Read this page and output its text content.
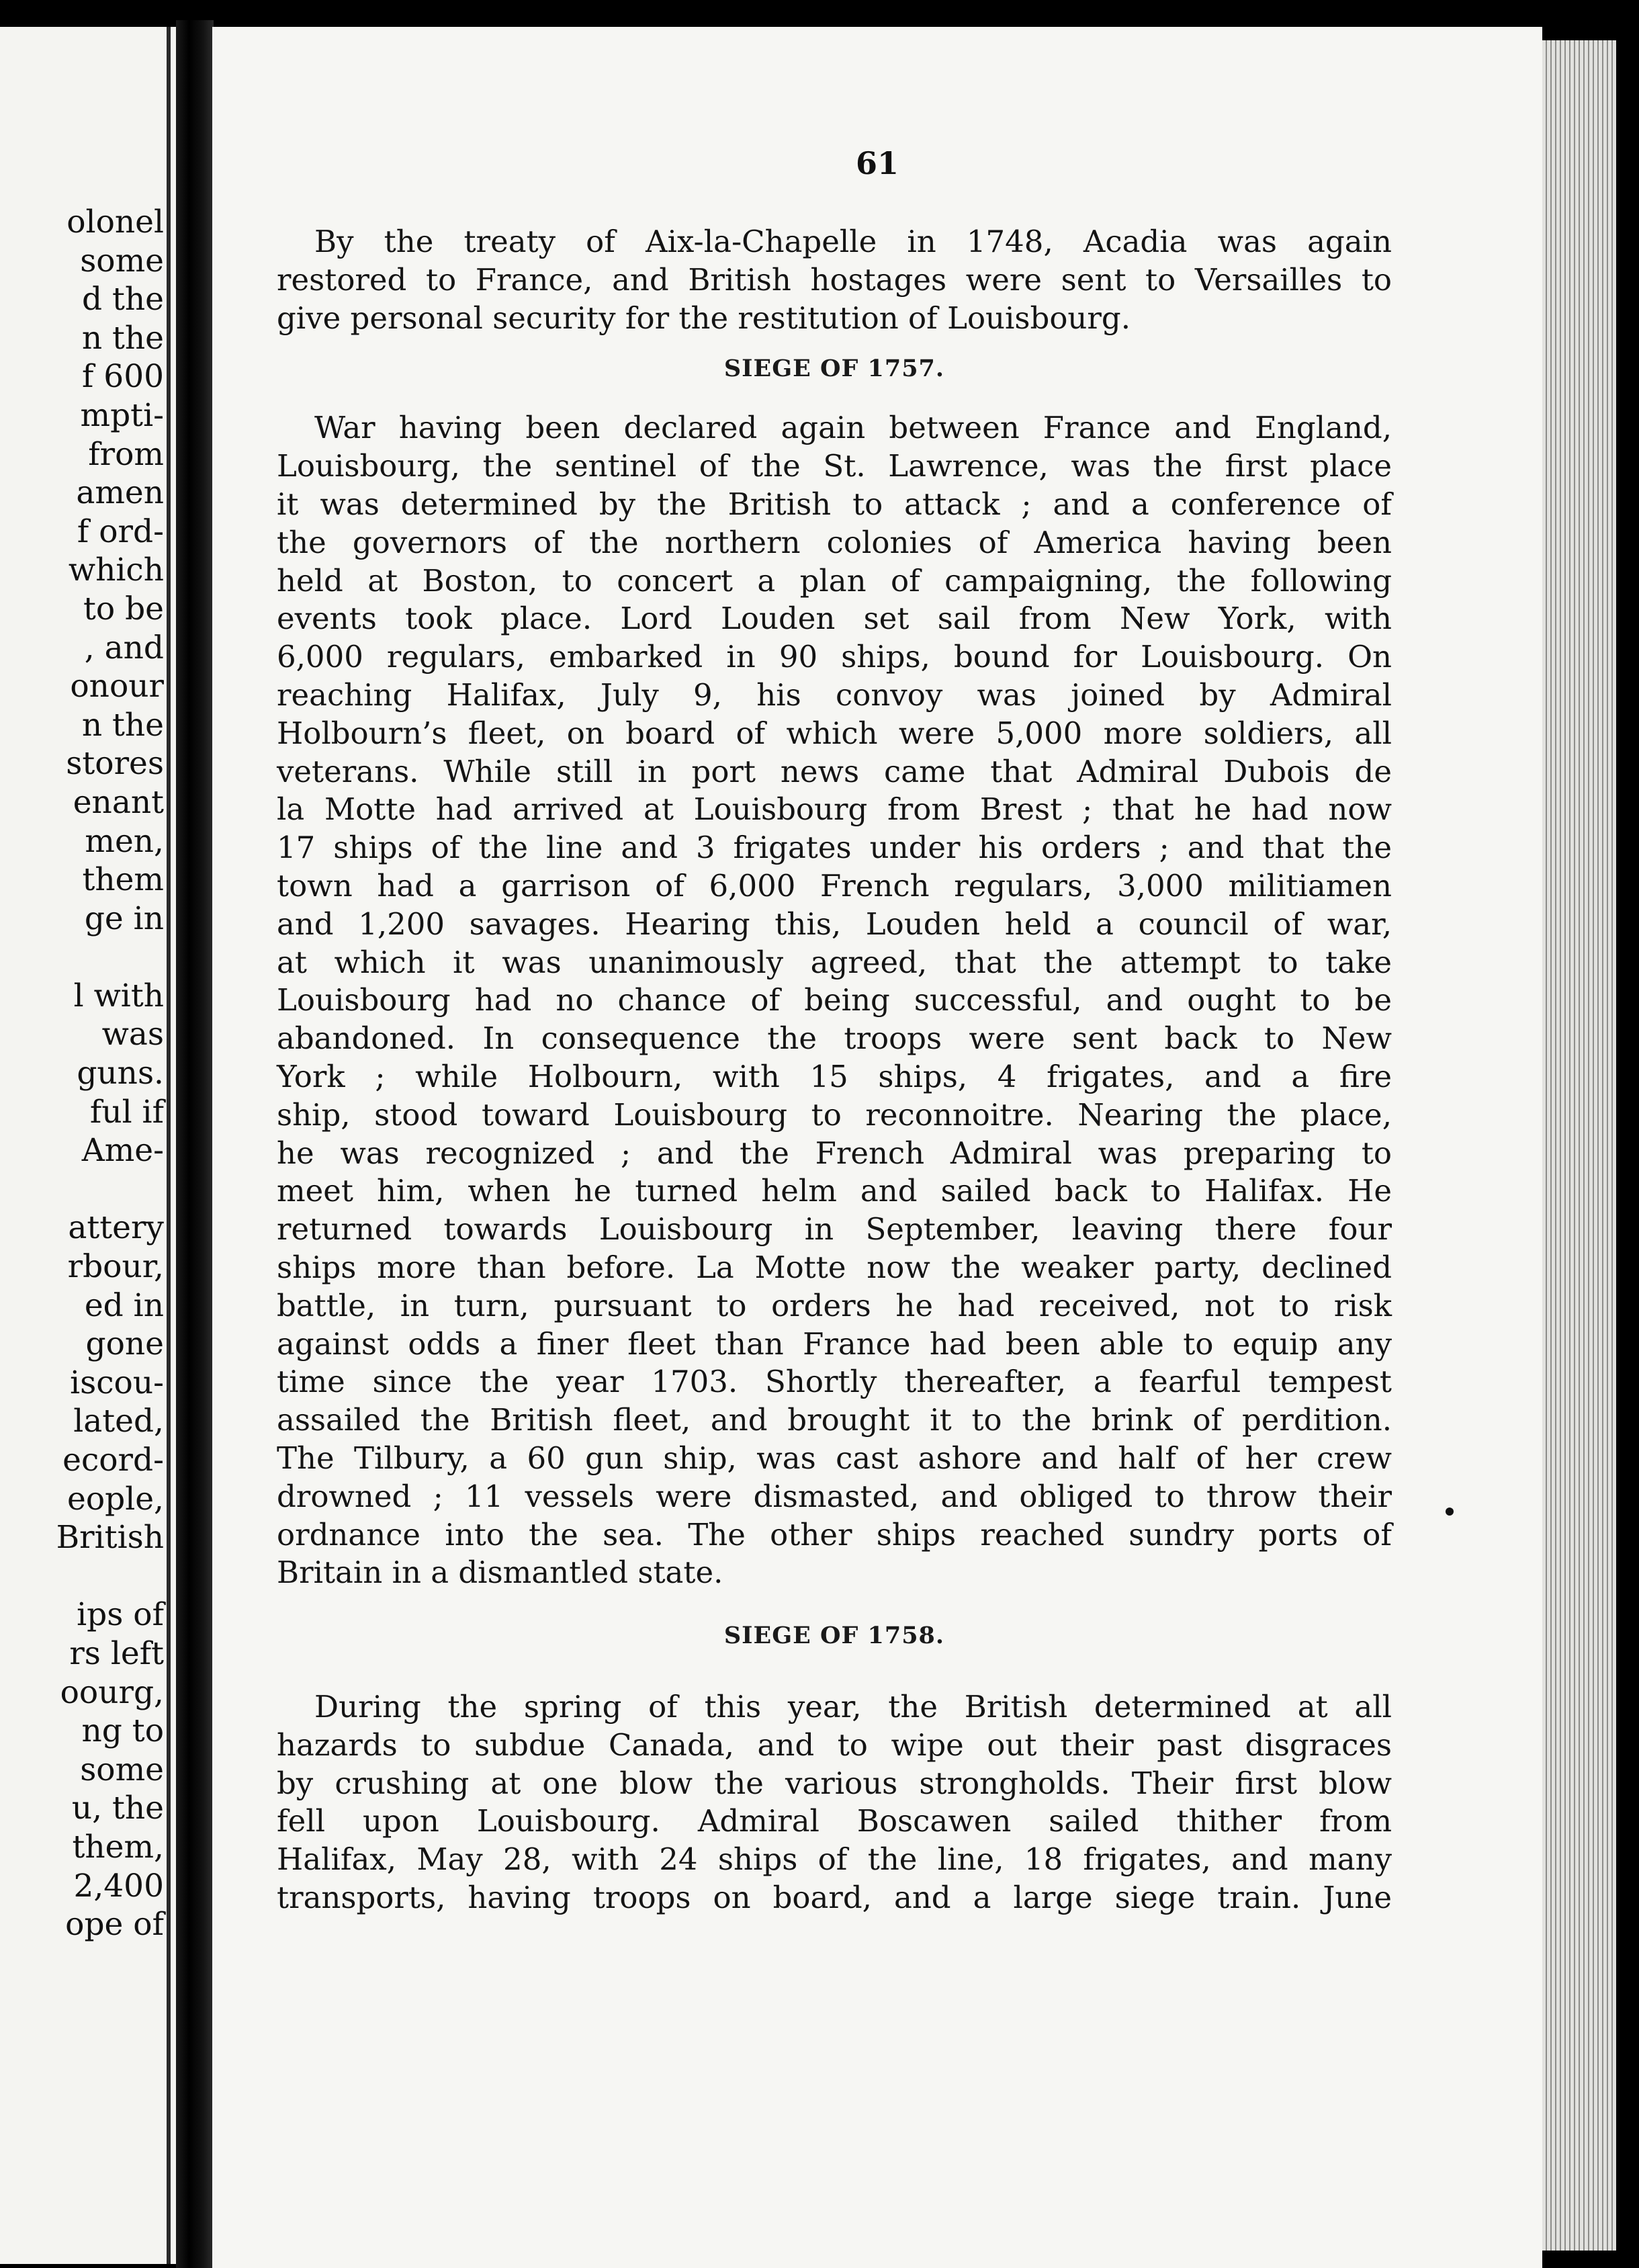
olonel
some
d the
n the
f 600
mpti-
from
amen
f ord-
which
to be
, and
onour
n the
stores
enant
men,
them
ge in

l with
was
guns.
ful if
Ame-

attery
rbour,
ed in
gone
iscou-
lated,
ecord-
eople,
British

ips of
rs left
oourg,
ng to
some
u, the
them,
2,400
ope of
61

By the treaty of Aix-la-Chapelle in 1748, Acadia was again
restored to France, and British hostages were sent to Versailles to
give personal security for the restitution of Louisbourg.

SIEGE OF 1757.

War having been declared again between France and England,
Louisbourg, the sentinel of the St. Lawrence, was the first place
it was determined by the British to attack ; and a conference of
the governors of the northern colonies of America having been
held at Boston, to concert a plan of campaigning, the following
events took place. Lord Louden set sail from New York, with
6,000 regulars, embarked in 90 ships, bound for Louisbourg. On
reaching Halifax, July 9, his convoy was joined by Admiral
Holbourn’s fleet, on board of which were 5,000 more soldiers, all
veterans. While still in port news came that Admiral Dubois de
la Motte had arrived at Louisbourg from Brest ; that he had now
17 ships of the line and 3 frigates under his orders ; and that the
town had a garrison of 6,000 French regulars, 3,000 militiamen
and 1,200 savages. Hearing this, Louden held a council of war,
at which it was unanimously agreed, that the attempt to take
Louisbourg had no chance of being successful, and ought to be
abandoned. In consequence the troops were sent back to New
York ; while Holbourn, with 15 ships, 4 frigates, and a fire
ship, stood toward Louisbourg to reconnoitre. Nearing the place,
he was recognized ; and the French Admiral was preparing to
meet him, when he turned helm and sailed back to Halifax. He
returned towards Louisbourg in September, leaving there four
ships more than before. La Motte now the weaker party, declined
battle, in turn, pursuant to orders he had received, not to risk
against odds a finer fleet than France had been able to equip any
time since the year 1703. Shortly thereafter, a fearful tempest
assailed the British fleet, and brought it to the brink of perdition.
The Tilbury, a 60 gun ship, was cast ashore and half of her crew
drowned ; 11 vessels were dismasted, and obliged to throw their
ordnance into the sea. The other ships reached sundry ports of
Britain in a dismantled state.

SIEGE OF 1758.

During the spring of this year, the British determined at all
hazards to subdue Canada, and to wipe out their past disgraces
by crushing at one blow the various strongholds. Their first blow
fell upon Louisbourg. Admiral Boscawen sailed thither from
Halifax, May 28, with 24 ships of the line, 18 frigates, and many
transports, having troops on board, and a large siege train. June
